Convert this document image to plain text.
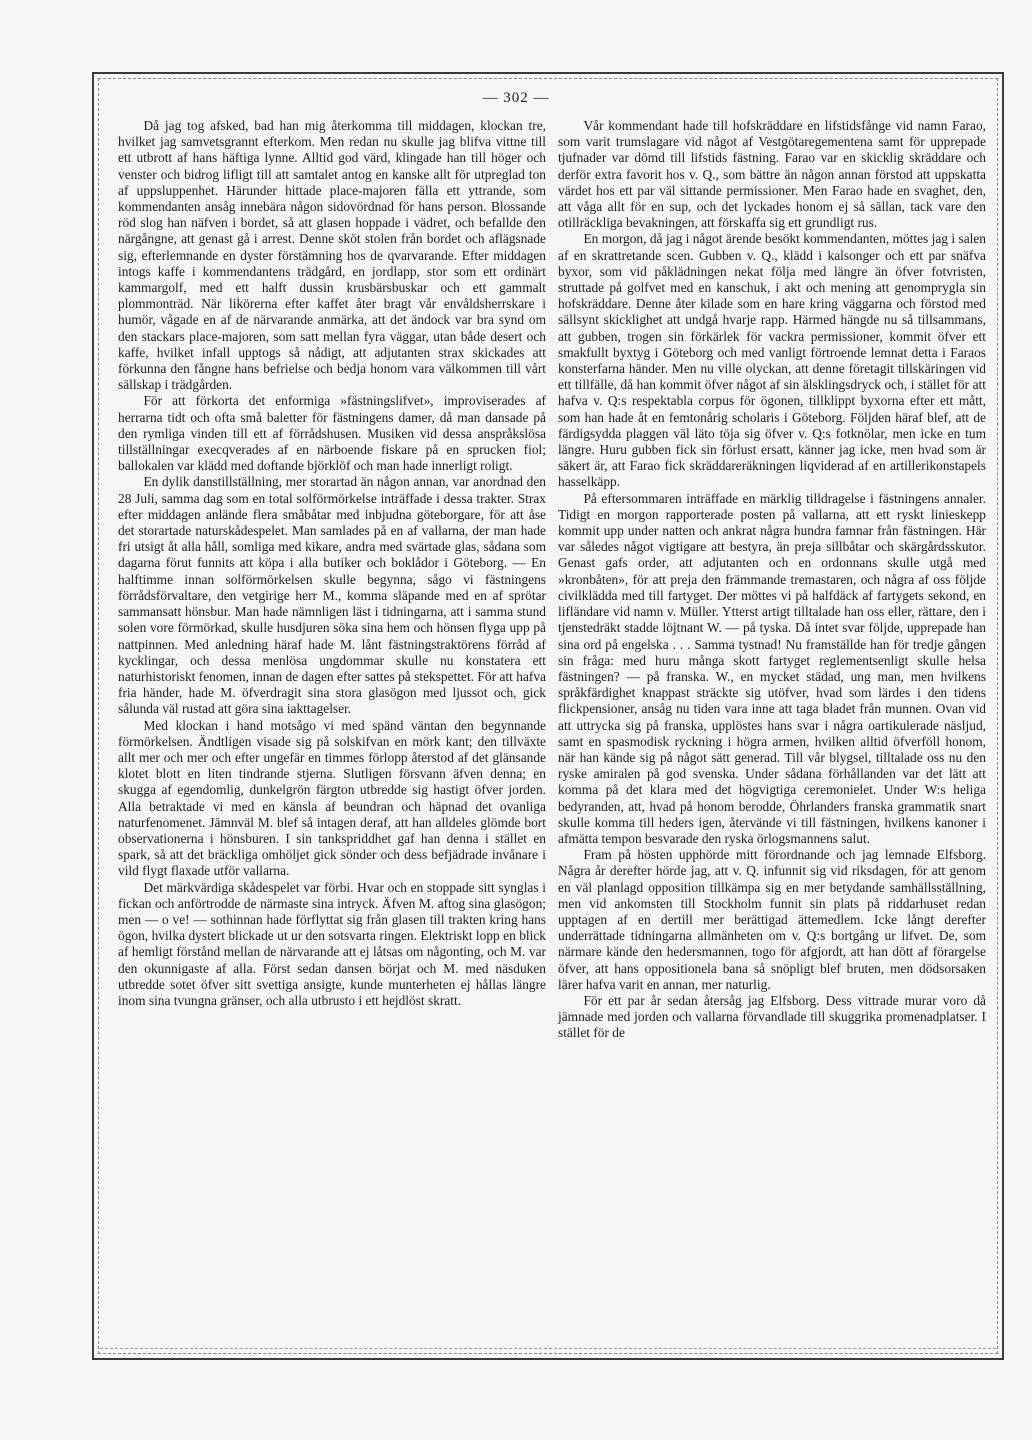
— 302 —

Då jag tog afsked, bad han mig återkomma till middagen, klockan tre, hvilket jag samvetsgrannt efterkom. Men redan nu skulle jag blifva vittne till ett utbrott af hans häftiga lynne. Alltid god värd, klingade han till höger och venster och bidrog lifligt till att samtalet antog en kanske allt för utpreglad ton af uppsluppenhet. Härunder hittade place-majoren fälla ett yttrande, som kommendanten ansåg innebära någon sidovördnad för hans person. Blossande röd slog han näfven i bordet, så att glasen hoppade i vädret, och befallde den närgångne, att genast gå i arrest. Denne sköt stolen från bordet och aflägsnade sig, efterlemnande en dyster förstämning hos de qvarvarande. Efter middagen intogs kaffe i kommendantens trädgård, en jordlapp, stor som ett ordinärt kammargolf, med ett halft dussin krusbärsbuskar och ett gammalt plommonträd. När likörerna efter kaffet åter bragt vår envåldsherrskare i humör, vågade en af de närvarande anmärka, att det ändock var bra synd om den stackars place-majoren, som satt mellan fyra väggar, utan både desert och kaffe, hvilket infall upptogs så nådigt, att adjutanten strax skickades att förkunna den fångne hans befrielse och bedja honom vara välkommen till vårt sällskap i trädgården.

För att förkorta det enformiga »fästningslifvet», improviserades af herrarna tidt och ofta små baletter för fästningens damer, då man dansade på den rymliga vinden till ett af förrådshusen. Musiken vid dessa anspråkslösa tillställningar execqverades af en närboende fiskare på en sprucken fiol; ballokalen var klädd med doftande björklöf och man hade innerligt roligt.

En dylik danstillställning, mer storartad än någon annan, var anordnad den 28 Juli, samma dag som en total solförmörkelse inträffade i dessa trakter. Strax efter middagen anlände flera småbåtar med inbjudna göteborgare, för att åse det storartade naturskådespelet. Man samlades på en af vallarna, der man hade fri utsigt åt alla håll, somliga med kikare, andra med svärtade glas, sådana som dagarna förut funnits att köpa i alla butiker och boklådor i Göteborg. — En halftimme innan solförmörkelsen skulle begynna, sågo vi fästningens förrådsförvaltare, den vetgirige herr M., komma släpande med en af sprötar sammansatt hönsbur. Man hade nämnligen läst i tidningarna, att i samma stund solen vore förmörkad, skulle husdjuren söka sina hem och hönsen flyga upp på nattpinnen. Med anledning häraf hade M. lånt fästningstraktörens förråd af kycklingar, och dessa menlösa ungdommar skulle nu konstatera ett naturhistoriskt fenomen, innan de dagen efter sattes på stekspettet. För att hafva fria händer, hade M. öfverdragit sina stora glasögon med ljussot och, gick sålunda väl rustad att göra sina iakttagelser.

Med klockan i hand motsågo vi med spänd väntan den begynnande förmörkelsen. Ändtligen visade sig på solskifvan en mörk kant; den tillväxte allt mer och mer och efter ungefär en timmes förlopp återstod af det glänsande klotet blott en liten tindrande stjerna. Slutligen försvann äfven denna; en skugga af egendomlig, dunkelgrön färgton utbredde sig hastigt öfver jorden. Alla betraktade vi med en känsla af beundran och häpnad det ovanliga naturfenomenet. Jämnväl M. blef så intagen deraf, att han alldeles glömde bort observationerna i hönsburen. I sin tankspriddhet gaf han denna i stället en spark, så att det bräckliga omhöljet gick sönder och dess befjädrade invånare i vild flygt flaxade utför vallarna.

Det märkvärdiga skådespelet var förbi. Hvar och en stoppade sitt synglas i fickan och anförtrodde de närmaste sina intryck. Äfven M. aftog sina glasögon; men — o ve! — sothinnan hade förflyttat sig från glasen till trakten kring hans ögon, hvilka dystert blickade ut ur den sotsvarta ringen. Elektriskt lopp en blick af hemligt förstånd mellan de närvarande att ej låtsas om någonting, och M. var den okunnigaste af alla. Först sedan dansen börjat och M. med näsduken utbredde sotet öfver sitt svettiga ansigte, kunde munterheten ej hållas längre inom sina tvungna gränser, och alla utbrusto i ett hejdlöst skratt.

Vår kommendant hade till hofskräddare en lifstidsfånge vid namn Farao, som varit trumslagare vid något af Vestgötaregementena samt för upprepade tjufnader var dömd till lifstids fästning. Farao var en skicklig skräddare och derför extra favorit hos v. Q., som bättre än någon annan förstod att uppskatta värdet hos ett par väl sittande permissioner. Men Farao hade en svaghet, den, att våga allt för en sup, och det lyckades honom ej så sällan, tack vare den otillräckliga bevakningen, att förskaffa sig ett grundligt rus.

En morgon, då jag i något ärende besökt kommendanten, möttes jag i salen af en skrattretande scen. Gubben v. Q., klädd i kalsonger och ett par snäfva byxor, som vid påklädningen nekat följa med längre än öfver fotvristen, struttade på golfvet med en kanschuk, i akt och mening att genomprygla sin hofskräddare. Denne åter kilade som en hare kring väggarna och förstod med sällsynt skicklighet att undgå hvarje rapp. Härmed hängde nu så tillsammans, att gubben, trogen sin förkärlek för vackra permissioner, kommit öfver ett smakfullt byxtyg i Göteborg och med vanligt förtroende lemnat detta i Faraos konsterfarna händer. Men nu ville olyckan, att denne företagit tillskäringen vid ett tillfälle, då han kommit öfver något af sin älsklingsdryck och, i stället för att hafva v. Q:s respektabla corpus för ögonen, tillklippt byxorna efter ett mått, som han hade åt en femtonårig scholaris i Göteborg. Följden häraf blef, att de färdigsydda plaggen väl läto töja sig öfver v. Q:s fotknölar, men icke en tum längre. Huru gubben fick sin förlust ersatt, känner jag icke, men hvad som är säkert är, att Farao fick skräddareräkningen liqviderad af en artillerikonstapels hasselkäpp.

På eftersommaren inträffade en märklig tilldragelse i fästningens annaler. Tidigt en morgon rapporterade posten på vallarna, att ett ryskt linieskepp kommit upp under natten och ankrat några hundra famnar från fästningen. Här var således något vigtigare att bestyra, än preja sillbåtar och skärgårdsskutor. Genast gafs order, att adjutanten och en ordonnans skulle utgå med »kronbåten», för att preja den främmande tremastaren, och några af oss följde civilklädda med till fartyget. Der möttes vi på halfdäck af fartygets sekond, en lifländare vid namn v. Müller. Ytterst artigt tilltalade han oss eller, rättare, den i tjenstedräkt stadde löjtnant W. — på tyska. Då intet svar följde, upprepade han sina ord på engelska . . . Samma tystnad! Nu framställde han för tredje gången sin fråga: med huru många skott fartyget reglementsenligt skulle helsa fästningen? — på franska. W., en mycket städad, ung man, men hvilkens språkfärdighet knappast sträckte sig utöfver, hvad som lärdes i den tidens flickpensioner, ansåg nu tiden vara inne att taga bladet från munnen. Ovan vid att uttrycka sig på franska, upplöstes hans svar i några oartikulerade näsljud, samt en spasmodisk ryckning i högra armen, hvilken alltid öfverföll honom, när han kände sig på något sätt generad. Till vår blygsel, tilltalade oss nu den ryske amiralen på god svenska. Under sådana förhållanden var det lätt att komma på det klara med det högvigtiga ceremonielet. Under W:s heliga bedyranden, att, hvad på honom berodde, Öhrlanders franska grammatik snart skulle komma till heders igen, återvände vi till fästningen, hvilkens kanoner i afmätta tempon besvarade den ryska örlogsmannens salut.

Fram på hösten upphörde mitt förordnande och jag lemnade Elfsborg. Några år derefter hörde jag, att v. Q. infunnit sig vid riksdagen, för att genom en väl planlagd opposition tillkämpa sig en mer betydande samhällsställning, men vid ankomsten till Stockholm funnit sin plats på riddarhuset redan upptagen af en dertill mer berättigad ättemedlem. Icke långt derefter underrättade tidningarna allmänheten om v. Q:s bortgång ur lifvet. De, som närmare kände den hedersmannen, togo för afgjordt, att han dött af förargelse öfver, att hans oppositionela bana så snöpligt blef bruten, men dödsorsaken lärer hafva varit en annan, mer naturlig.

För ett par år sedan återsåg jag Elfsborg. Dess vittrade murar voro då jämnade med jorden och vallarna förvandlade till skuggrika promenadplatser. I stället för de
